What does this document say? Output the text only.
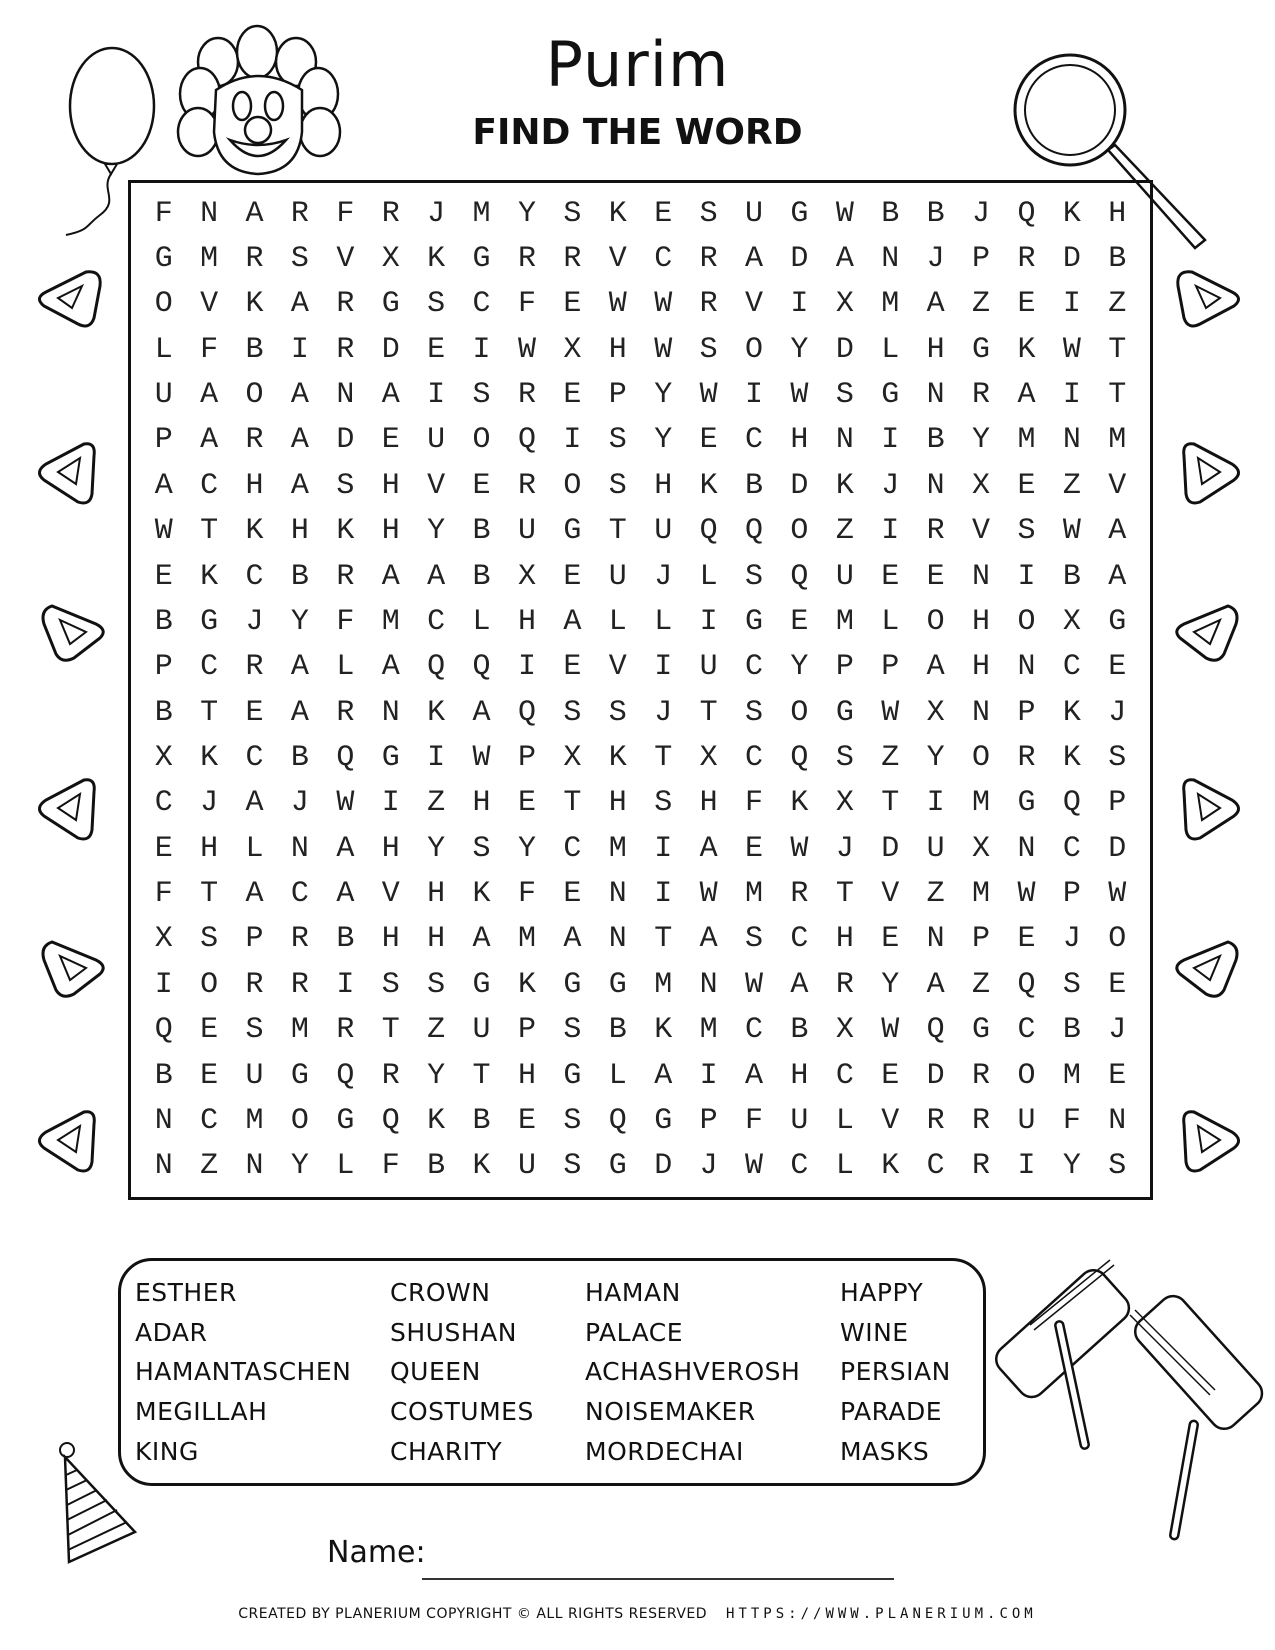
Purim
FIND THE WORD
F N A R F R J M Y S K E S U G W B B J Q K H
G M R S V X K G R R V C R A D A N J P R D B
O V K A R G S C F E W W R V I X M A Z E I Z
L F B I R D E I W X H W S O Y D L H G K W T
U A O A N A I S R E P Y W I W S G N R A I T
P A R A D E U O Q I S Y E C H N I B Y M N M
A C H A S H V E R O S H K B D K J N X E Z V
W T K H K H Y B U G T U Q Q O Z I R V S W A
E K C B R A A B X E U J L S Q U E E N I B A
B G J Y F M C L H A L L I G E M L O H O X G
P C R A L A Q Q I E V I U C Y P P A H N C E
B T E A R N K A Q S S J T S O G W X N P K J
X K C B Q G I W P X K T X C Q S Z Y O R K S
C J A J W I Z H E T H S H F K X T I M G Q P
E H L N A H Y S Y C M I A E W J D U X N C D
F T A C A V H K F E N I W M R T V Z M W P W
X S P R B H H A M A N T A S C H E N P E J O
I O R R I S S G K G G M N W A R Y A Z Q S E
Q E S M R T Z U P S B K M C B X W Q G C B J
B E U G Q R Y T H G L A I A H C E D R O M E
N C M O G Q K B E S Q G P F U L V R R U F N
N Z N Y L F B K U S G D J W C L K C R I Y S
ESTHER	CROWN	HAMAN	HAPPY
ADAR	SHUSHAN	PALACE	WINE
HAMANTASCHEN	QUEEN	ACHASHVEROSH	PERSIAN
MEGILLAH	COSTUMES	NOISEMAKER	PARADE
KING	CHARITY	MORDECHAI	MASKS
Name:
CREATED BY PLANERIUM COPYRIGHT © ALL RIGHTS RESERVED HTTPS://WWW.PLANERIUM.COM
